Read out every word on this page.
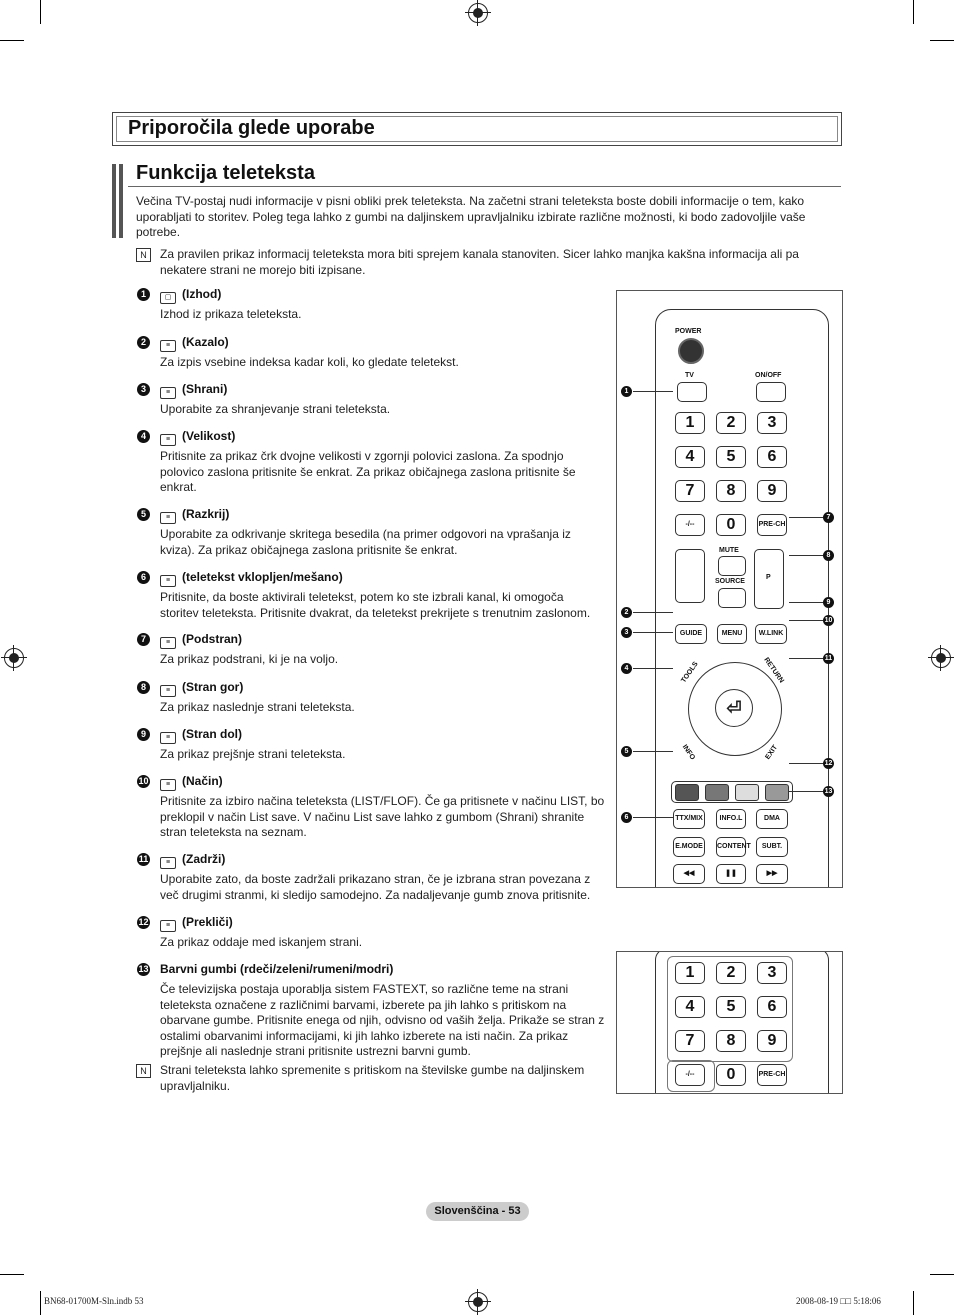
Priporočila glede uporabe
Funkcija teleteksta

Večina TV-postaj nudi informacije v pisni obliki prek teleteksta. Na začetni strani teleteksta boste dobili informacije o tem, kako uporabljati to storitev. Poleg tega lahko z gumbi na daljinskem upravljalniku izbirate različne možnosti, ki bodo zadovoljile vaše potrebe.

N	Za pravilen prikaz informacij teleteksta mora biti sprejem kanala stanoviten. Sicer lahko manjka kakšna informacija ali pa nekatere strani ne morejo biti izpisane.

1	▢ (Izhod)
Izhod iz prikaza teleteksta.
2	≡ (Kazalo)
Za izpis vsebine indeksa kadar koli, ko gledate teletekst.
3	≡ (Shrani)
Uporabite za shranjevanje strani teleteksta.
4	≡ (Velikost)
Pritisnite za prikaz črk dvojne velikosti v zgornji polovici zaslona. Za spodnjo polovico zaslona pritisnite še enkrat. Za prikaz običajnega zaslona pritisnite še enkrat.
5	≡ (Razkrij)
Uporabite za odkrivanje skritega besedila (na primer odgovori na vprašanja iz kviza). Za prikaz običajnega zaslona pritisnite še enkrat.
6	≡ (teletekst vklopljen/mešano)
Pritisnite, da boste aktivirali teletekst, potem ko ste izbrali kanal, ki omogoča storitev teleteksta. Pritisnite dvakrat, da teletekst prekrijete s trenutnim zaslonom.
7	≡ (Podstran)
Za prikaz podstrani, ki je na voljo.
8	≡ (Stran gor)
Za prikaz naslednje strani teleteksta.
9	≡ (Stran dol)
Za prikaz prejšnje strani teleteksta.
10	≡ (Način)
Pritisnite za izbiro načina teleteksta (LIST/FLOF). Če ga pritisnete v načinu LIST, bo preklopil v način List save. V načinu List save lahko z gumbom (Shrani) shranite stran teleteksta na seznam.
11	≡ (Zadrži)
Uporabite zato, da boste zadržali prikazano stran, če je izbrana stran povezana z več drugimi stranmi, ki sledijo samodejno. Za nadaljevanje gumb znova pritisnite.
12	≡ (Prekliči)
Za prikaz oddaje med iskanjem strani.
13 Barvni gumbi (rdeči/zeleni/rumeni/modri)
Če televizijska postaja uporablja sistem FASTEXT, so različne teme na strani teleteksta označene z različnimi barvami, izberete pa jih lahko s pritiskom na obarvane gumbe. Pritisnite enega od njih, odvisno od vaših želja. Prikaže se stran z ostalimi obarvanimi informacijami, ki jih lahko izberete na isti način. Za prikaz prejšnje ali naslednje strani pritisnite ustrezni barvni gumb.
N	Strani teleteksta lahko spremenite s pritiskom na številske gumbe na daljinskem upravljalniku.

POWER
TV	ON/OFF
1	2	3
4	5	6
7	8	9
-/--	0	PRE-CH
MUTE
SOURCE
P
GUIDE	MENU	W.LINK
⏎
TOOLS	RETURN
INFO	EXIT
TTX/MIX	INFO.L	DMA
E.MODE	CONTENT	SUBT.
◀◀	❚❚	▶▶
1
2
3
4
5
6
7
8
9
10
11
12
13
1	2	3
4	5	6
7	8	9
-/--	0	PRE-CH
Slovenščina - 53
BN68-01700M-Sln.indb 53	2008-08-19 □□ 5:18:06
